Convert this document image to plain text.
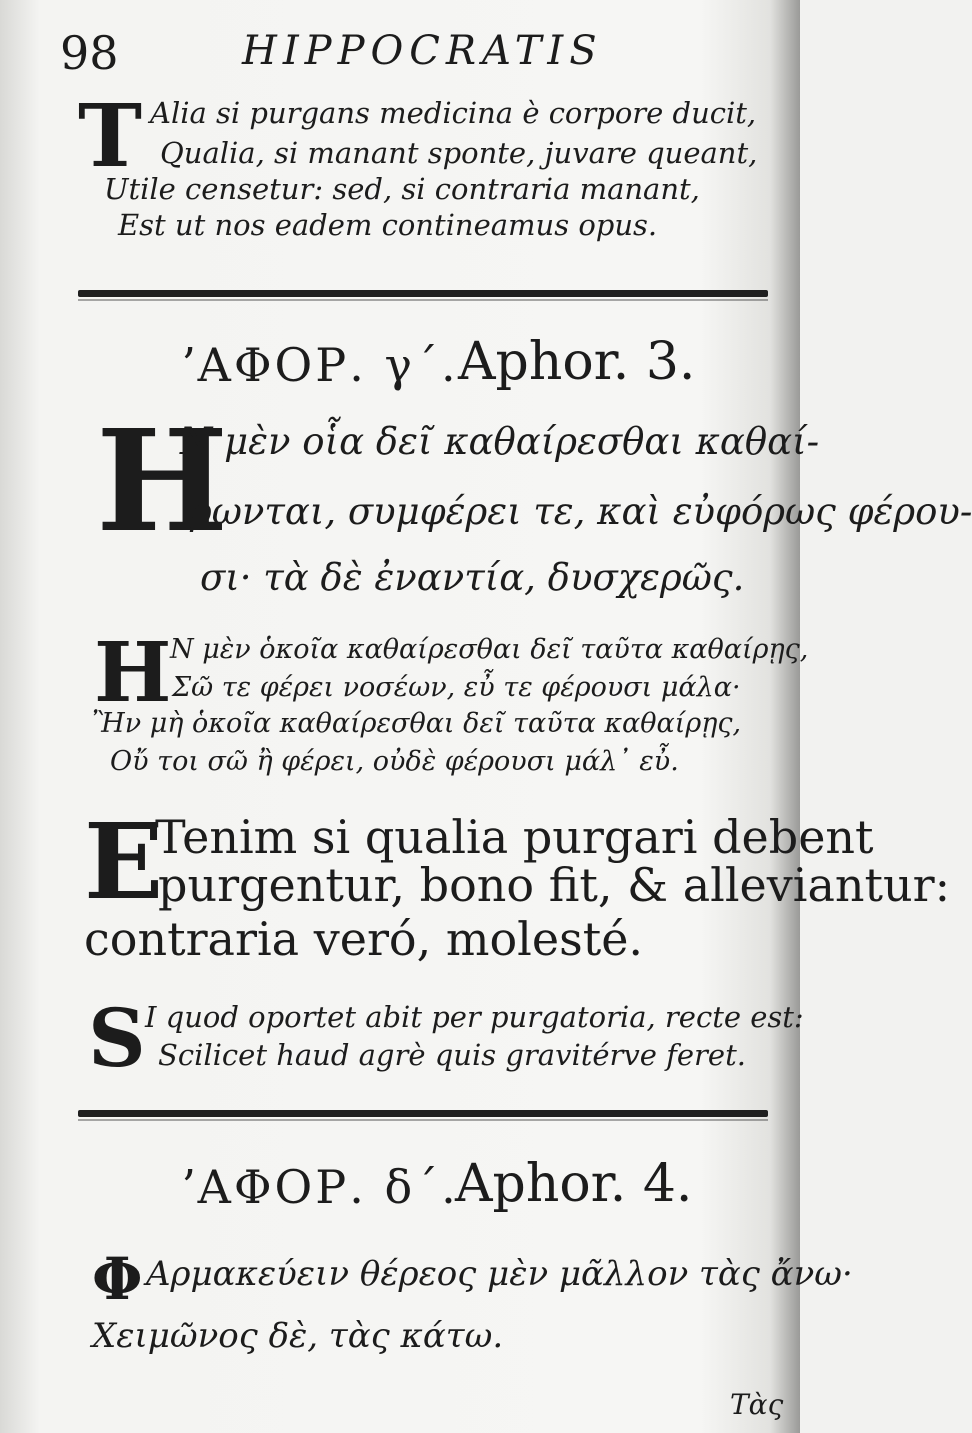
98	HIPPOCRATIS
T Alia si purgans medicina è corpore ducit,
Qualia, si manant sponte, juvare queant,
Utile censetur: sed, si contraria manant,
Est ut nos eadem contineamus opus.
ʼΑΦΟΡ. γ΄. Aphor. 3.
H
Ν μὲν οἷα δεῖ καθαίρεσθαι καθαί-
ρωνται, συμφέρει τε, καὶ εὐφόρως φέρου-
σι· τὰ δὲ ἐναντία, δυσχερῶς.
H
Ν μὲν ὁκοῖα καθαίρεσθαι δεῖ ταῦτα καθαίρῃς,
Σῶ τε φέρει νοσέων, εὖ τε φέρουσι μάλα·
Ἢν μὴ ὁκοῖα καθαίρεσθαι δεῖ ταῦτα καθαίρῃς,
Οὔ τοι σῶ ἢ φέρει, οὐδὲ φέρουσι μάλ᾽ εὖ.
E
Tenim si qualia purgari debent
purgentur, bono fit, & alleviantur:
contraria veró, molesté.
S I quod oportet abit per purgatoria, recte est:
Scilicet haud agrè quis gravitérve feret.
ʼΑΦΟΡ. δ΄.
Aphor. 4.
Φ Αρμακεύειν θέρεος μὲν μᾶλλον τὰς ἄνω·
Χειμῶνος δὲ, τὰς κάτω.
Τὰς
